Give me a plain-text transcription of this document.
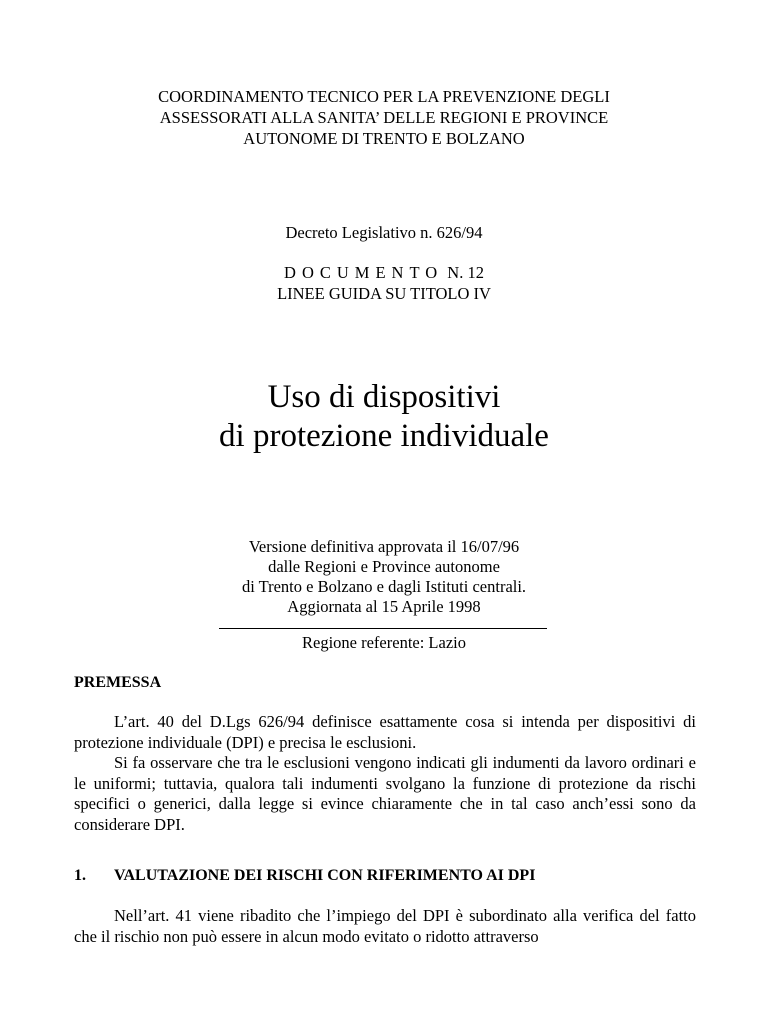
COORDINAMENTO TECNICO PER LA PREVENZIONE DEGLI
ASSESSORATI ALLA SANITA’ DELLE REGIONI E PROVINCE
AUTONOME DI TRENTO E BOLZANO
Decreto Legislativo n. 626/94
DOCUMENTO N. 12
LINEE GUIDA SU TITOLO IV
Uso di dispositivi
di protezione individuale
Versione definitiva approvata il 16/07/96
dalle Regioni e Province autonome
di Trento e Bolzano e dagli Istituti centrali.
Aggiornata al 15 Aprile 1998
Regione referente: Lazio
PREMESSA

L’art. 40 del D.Lgs 626/94 definisce esattamente cosa si intenda per dispositivi di protezione individuale (DPI) e precisa le esclusioni.

Si fa osservare che tra le esclusioni vengono indicati gli indumenti da lavoro ordinari e le uniformi; tuttavia, qualora tali indumenti svolgano la funzione di protezione da rischi specifici o generici, dalla legge si evince chiaramente che in tal caso anch’essi sono da considerare DPI.

1. VALUTAZIONE DEI RISCHI CON RIFERIMENTO AI DPI

Nell’art. 41 viene ribadito che l’impiego del DPI è subordinato alla verifica del fatto che il rischio non può essere in alcun modo evitato o ridotto attraverso
